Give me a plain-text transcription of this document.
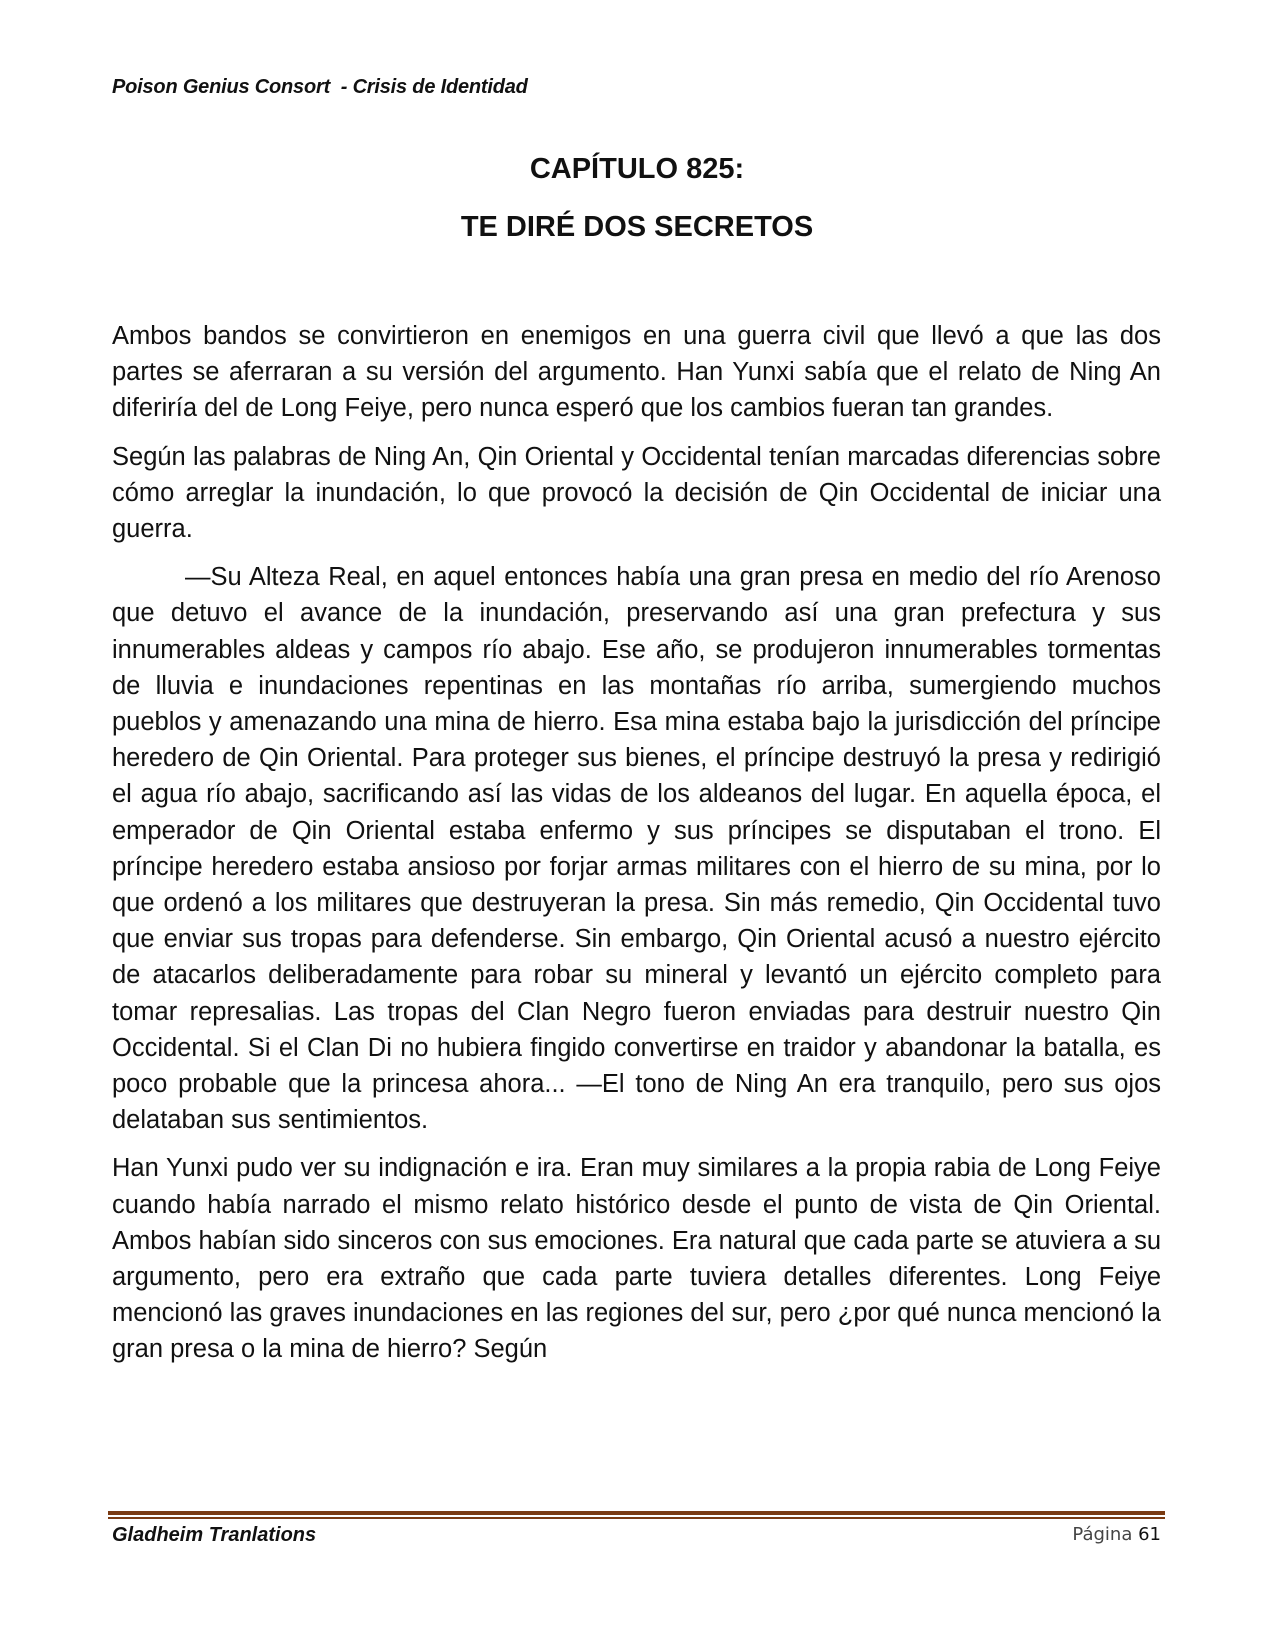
Poison Genius Consort  - Crisis de Identidad
CAPÍTULO 825:
TE DIRÉ DOS SECRETOS

Ambos bandos se convirtieron en enemigos en una guerra civil que llevó a que las dos partes se aferraran a su versión del argumento. Han Yunxi sabía que el relato de Ning An diferiría del de Long Feiye, pero nunca esperó que los cambios fueran tan grandes.

Según las palabras de Ning An, Qin Oriental y Occidental tenían marcadas diferencias sobre cómo arreglar la inundación, lo que provocó la decisión de Qin Occidental de iniciar una guerra.

—Su Alteza Real, en aquel entonces había una gran presa en medio del río Arenoso que detuvo el avance de la inundación, preservando así una gran prefectura y sus innumerables aldeas y campos río abajo. Ese año, se produjeron innumerables tormentas de lluvia e inundaciones repentinas en las montañas río arriba, sumergiendo muchos pueblos y amenazando una mina de hierro. Esa mina estaba bajo la jurisdicción del príncipe heredero de Qin Oriental. Para proteger sus bienes, el príncipe destruyó la presa y redirigió el agua río abajo, sacrificando así las vidas de los aldeanos del lugar. En aquella época, el emperador de Qin Oriental estaba enfermo y sus príncipes se disputaban el trono. El príncipe heredero estaba ansioso por forjar armas militares con el hierro de su mina, por lo que ordenó a los militares que destruyeran la presa. Sin más remedio, Qin Occidental tuvo que enviar sus tropas para defenderse. Sin embargo, Qin Oriental acusó a nuestro ejército de atacarlos deliberadamente para robar su mineral y levantó un ejército completo para tomar represalias. Las tropas del Clan Negro fueron enviadas para destruir nuestro Qin Occidental. Si el Clan Di no hubiera fingido convertirse en traidor y abandonar la batalla, es poco probable que la princesa ahora... —El tono de Ning An era tranquilo, pero sus ojos delataban sus sentimientos.

Han Yunxi pudo ver su indignación e ira. Eran muy similares a la propia rabia de Long Feiye cuando había narrado el mismo relato histórico desde el punto de vista de Qin Oriental. Ambos habían sido sinceros con sus emociones. Era natural que cada parte se atuviera a su argumento, pero era extraño que cada parte tuviera detalles diferentes. Long Feiye mencionó las graves inundaciones en las regiones del sur, pero ¿por qué nunca mencionó la gran presa o la mina de hierro? Según

Gladheim Tranlations	Página 61
